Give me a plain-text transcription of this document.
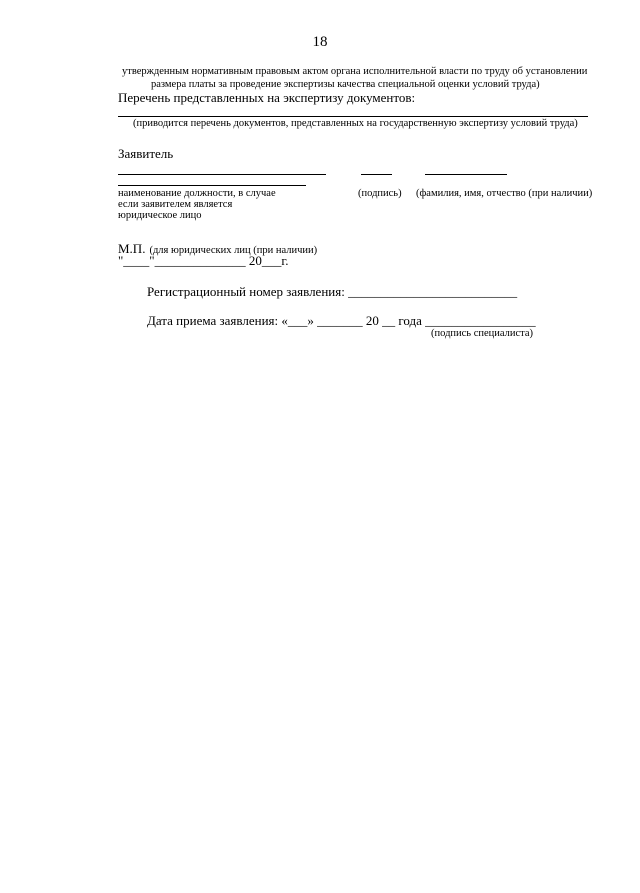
18
утвержденным нормативным правовым актом органа исполнительной власти по труду об установлении
размера платы за проведение экспертизы качества специальной оценки условий труда)
Перечень представленных на экспертизу документов:
(приводится перечень документов, представленных на государственную экспертизу условий труда)
Заявитель
наименование должности, в случае
если заявителем является
юридическое лицо
(подпись) (фамилия, имя, отчество (при наличии)
М.П. (для юридических лиц (при наличии)
"____"______________ 20___г.
Регистрационный номер заявления: __________________________
Дата приема заявления: «___» _______ 20 __ года _________________
(подпись специалиста)
